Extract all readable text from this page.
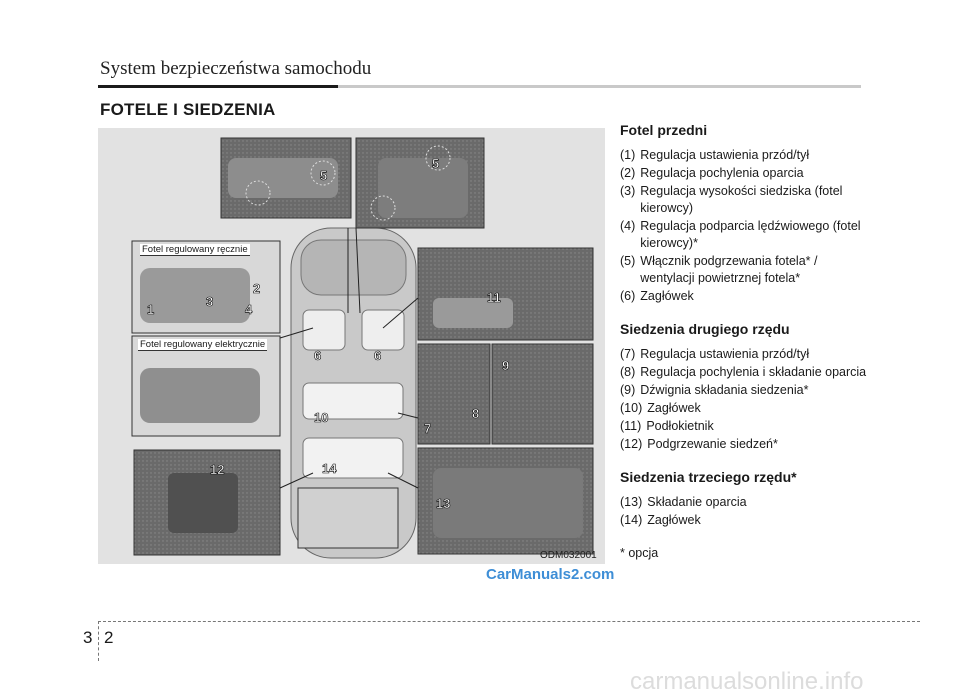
System bezpieczeństwa samochodu
FOTELE I SIEDZENIA
1
2
3
4
5
5
6	6
7
8
9
10
11
12
13
14
Fotel regulowany ręcznie
Fotel regulowany elektrycznie
ODM032001
Fotel przedni
(1) Regulacja ustawienia przód/tył
(2) Regulacja pochylenia oparcia
(3) Regulacja wysokości siedziska (fotel kierowcy)
(4) Regulacja podparcia lędźwiowego (fotel kierowcy)*
(5) Włącznik podgrzewania fotela* / wentylacji powietrznej fotela*
(6) Zagłówek
Siedzenia drugiego rzędu
(7) Regulacja ustawienia przód/tył
(8) Regulacja pochylenia i składanie oparcia
(9) Dźwignia składania siedzenia*
(10) Zagłówek
(11) Podłokietnik
(12) Podgrzewanie siedzeń*
Siedzenia trzeciego rzędu*
(13) Składanie oparcia
(14) Zagłówek
* opcja
CarManuals2.com
3 2
carmanualsonline.info
